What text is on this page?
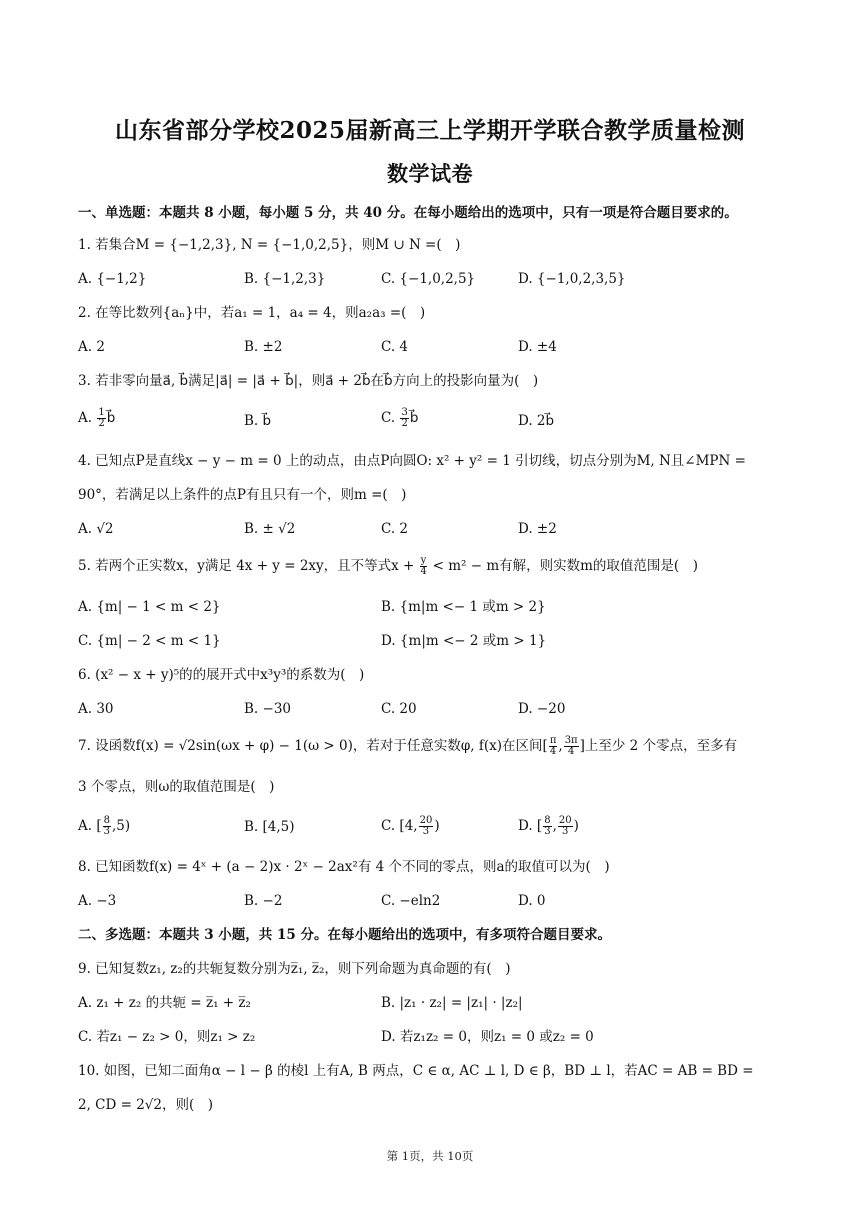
山东省部分学校2025届新高三上学期开学联合教学质量检测
数学试卷
一、单选题：本题共 8 小题，每小题 5 分，共 40 分。在每小题给出的选项中，只有一项是符合题目要求的。
1. 若集合M = {−1,2,3}, N = {−1,0,2,5}，则M ∪ N =(　)
A. {−1,2}	B. {−1,2,3}	C. {−1,0,2,5}	D. {−1,0,2,3,5}
2. 在等比数列{aₙ}中，若a₁ = 1，a₄ = 4，则a₂a₃ =(　)
A. 2	B. ±2	C. 4	D. ±4
3. 若非零向量a⃗, b⃗满足|a⃗| = |a⃗ + b⃗|，则a⃗ + 2b⃗在b⃗方向上的投影向量为(　)
A. $\frac{1}{2}$ b⃗	B. b⃗	C. $\frac{3}{2}$ b⃗	D. 2b⃗
4. 已知点P是直线x − y − m = 0 上的动点，由点P向圆O: x² + y² = 1 引切线，切点分别为M, N且∠MPN =
90°，若满足以上条件的点P有且只有一个，则m =(　)
A. √2	B. ± √2	C. 2	D. ±2
5. 若两个正实数x，y满足 4x + y = 2xy，且不等式$x + \frac{y}{4} < m^2 - m$有解，则实数m的取值范围是(　)
A. {m| − 1 < m < 2}	B. {m|m <− 1 或m > 2}
C. {m| − 2 < m < 1}	D. {m|m <− 2 或m > 1}
6. (x² − x + y)⁵的的展开式中x³y³的系数为(　)
A. 30	B. −30	C. 20	D. −20
7. 设函数f(x) = √2sin(ωx + φ) − 1(ω > 0)，若对于任意实数φ, f(x)在区间[ $\frac{\pi}{4}$ , $\frac{3\pi}{4}$ ]上至少 2 个零点，至多有
3 个零点，则ω的取值范围是(　)
A. [ $\frac{8}{3} ,5$)	B. [4,5)	C. [4, $\frac{20}{3}$ )	D. [ $\frac{8}{3}$ , $\frac{20}{3}$ )
8. 已知函数f(x) = 4ˣ + (a − 2)x · 2ˣ − 2ax²有 4 个不同的零点，则a的取值可以为(　)
A. −3	B. −2	C. −eln2	D. 0
二、多选题：本题共 3 小题，共 15 分。在每小题给出的选项中，有多项符合题目要求。
9. 已知复数z₁, z₂的共轭复数分别为z̅₁, z̅₂，则下列命题为真命题的有(　)
A. z₁ + z₂ 的共轭 = z̅₁ + z̅₂	B. |z₁ · z₂| = |z₁| · |z₂|
C. 若z₁ − z₂ > 0，则z₁ > z₂	D. 若z₁z₂ = 0，则z₁ = 0 或z₂ = 0
10. 如图，已知二面角α − l − β 的棱l 上有A, B 两点，C ∈ α, AC ⊥ l, D ∈ β，BD ⊥ l，若AC = AB = BD =
2, CD = 2√2，则(　)
第 1页，共 10页
